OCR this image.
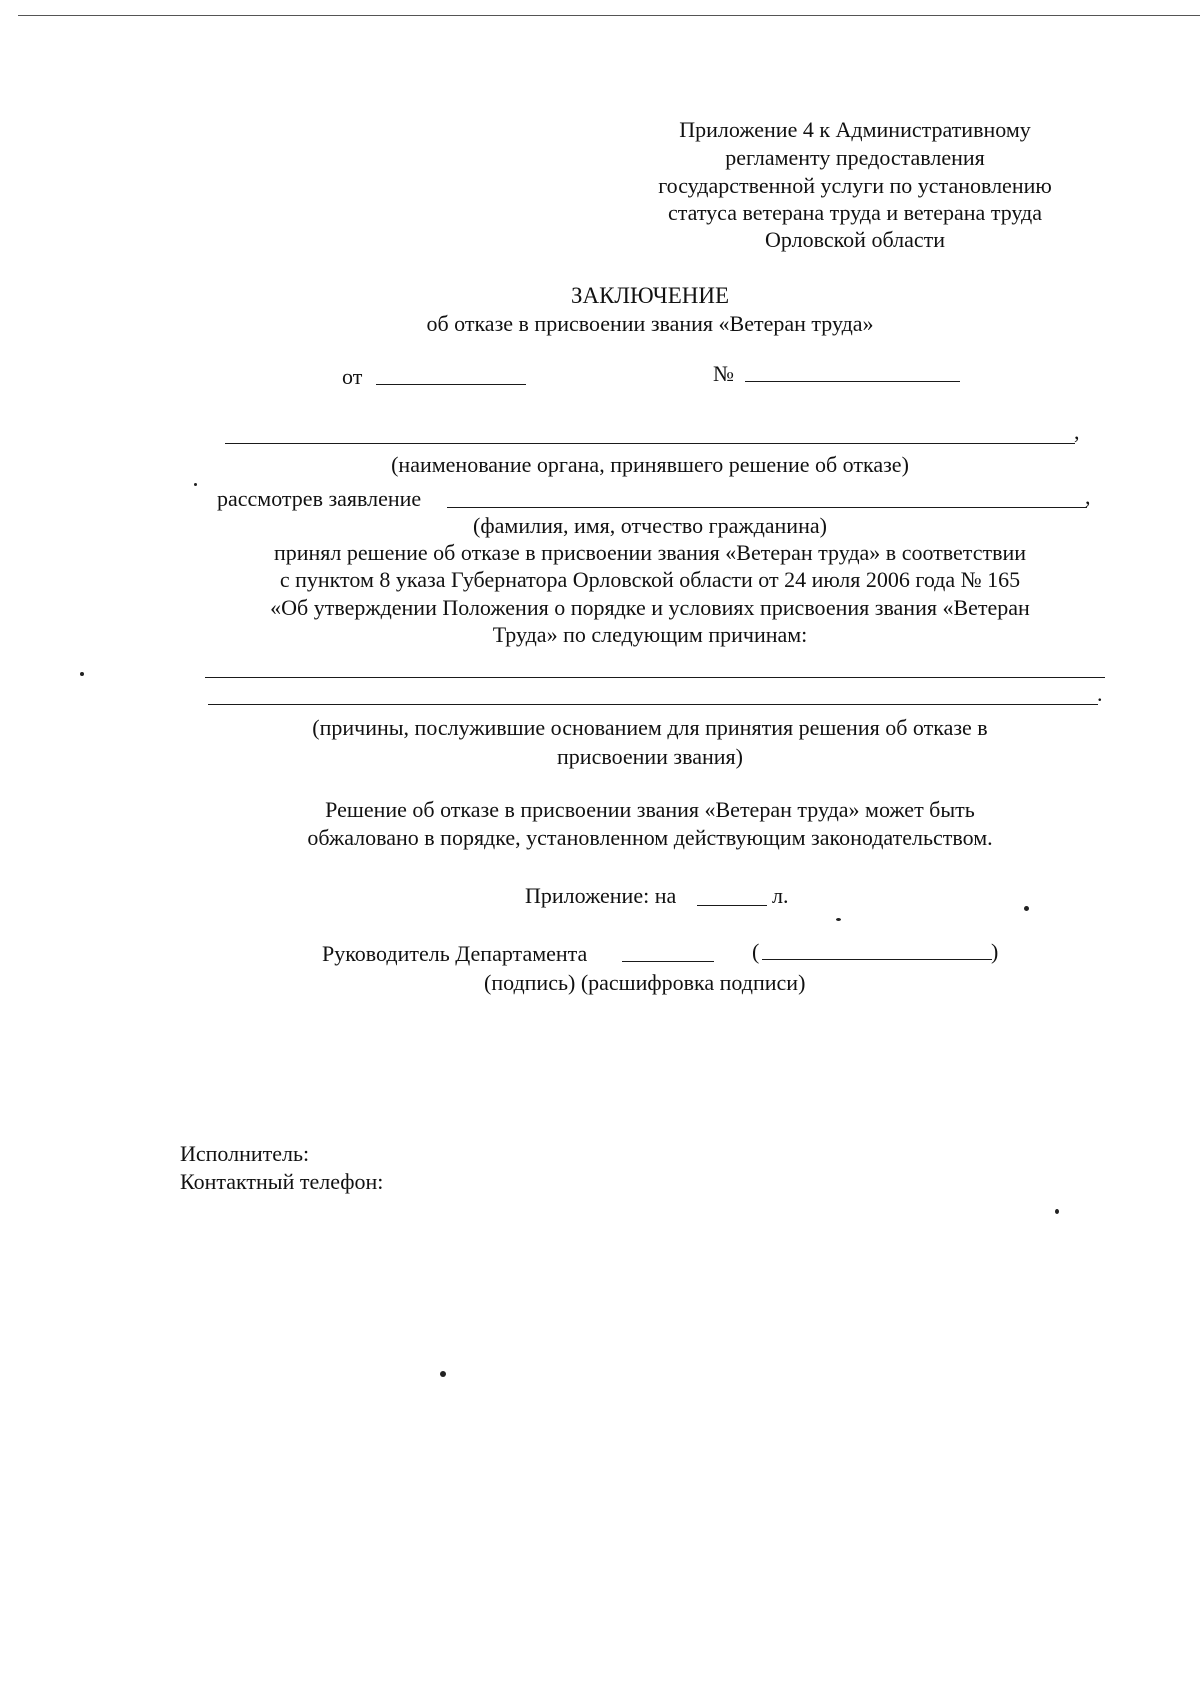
Приложение 4 к Административному
регламенту предоставления
государственной услуги по установлению
статуса ветерана труда и ветерана труда
Орловской области
ЗАКЛЮЧЕНИЕ
об отказе в присвоении звания «Ветеран труда»
от	№
,
(наименование органа, принявшего решение об отказе)
рассмотрев заявление	,
(фамилия, имя, отчество гражданина)
принял решение об отказе в присвоении звания «Ветеран труда» в соответствии
с пунктом 8 указа Губернатора Орловской области от 24 июля 2006 года № 165
«Об утверждении Положения о порядке и условиях присвоения звания «Ветеран
Труда» по следующим причинам:
.
(причины, послужившие основанием для принятия решения об отказе в
присвоении звания)
Решение об отказе в присвоении звания «Ветеран труда» может быть
обжаловано в порядке, установленном действующим законодательством.
Приложение: на	л.
Руководитель Департамента	(	)
(подпись) (расшифровка подписи)
Исполнитель:
Контактный телефон:
